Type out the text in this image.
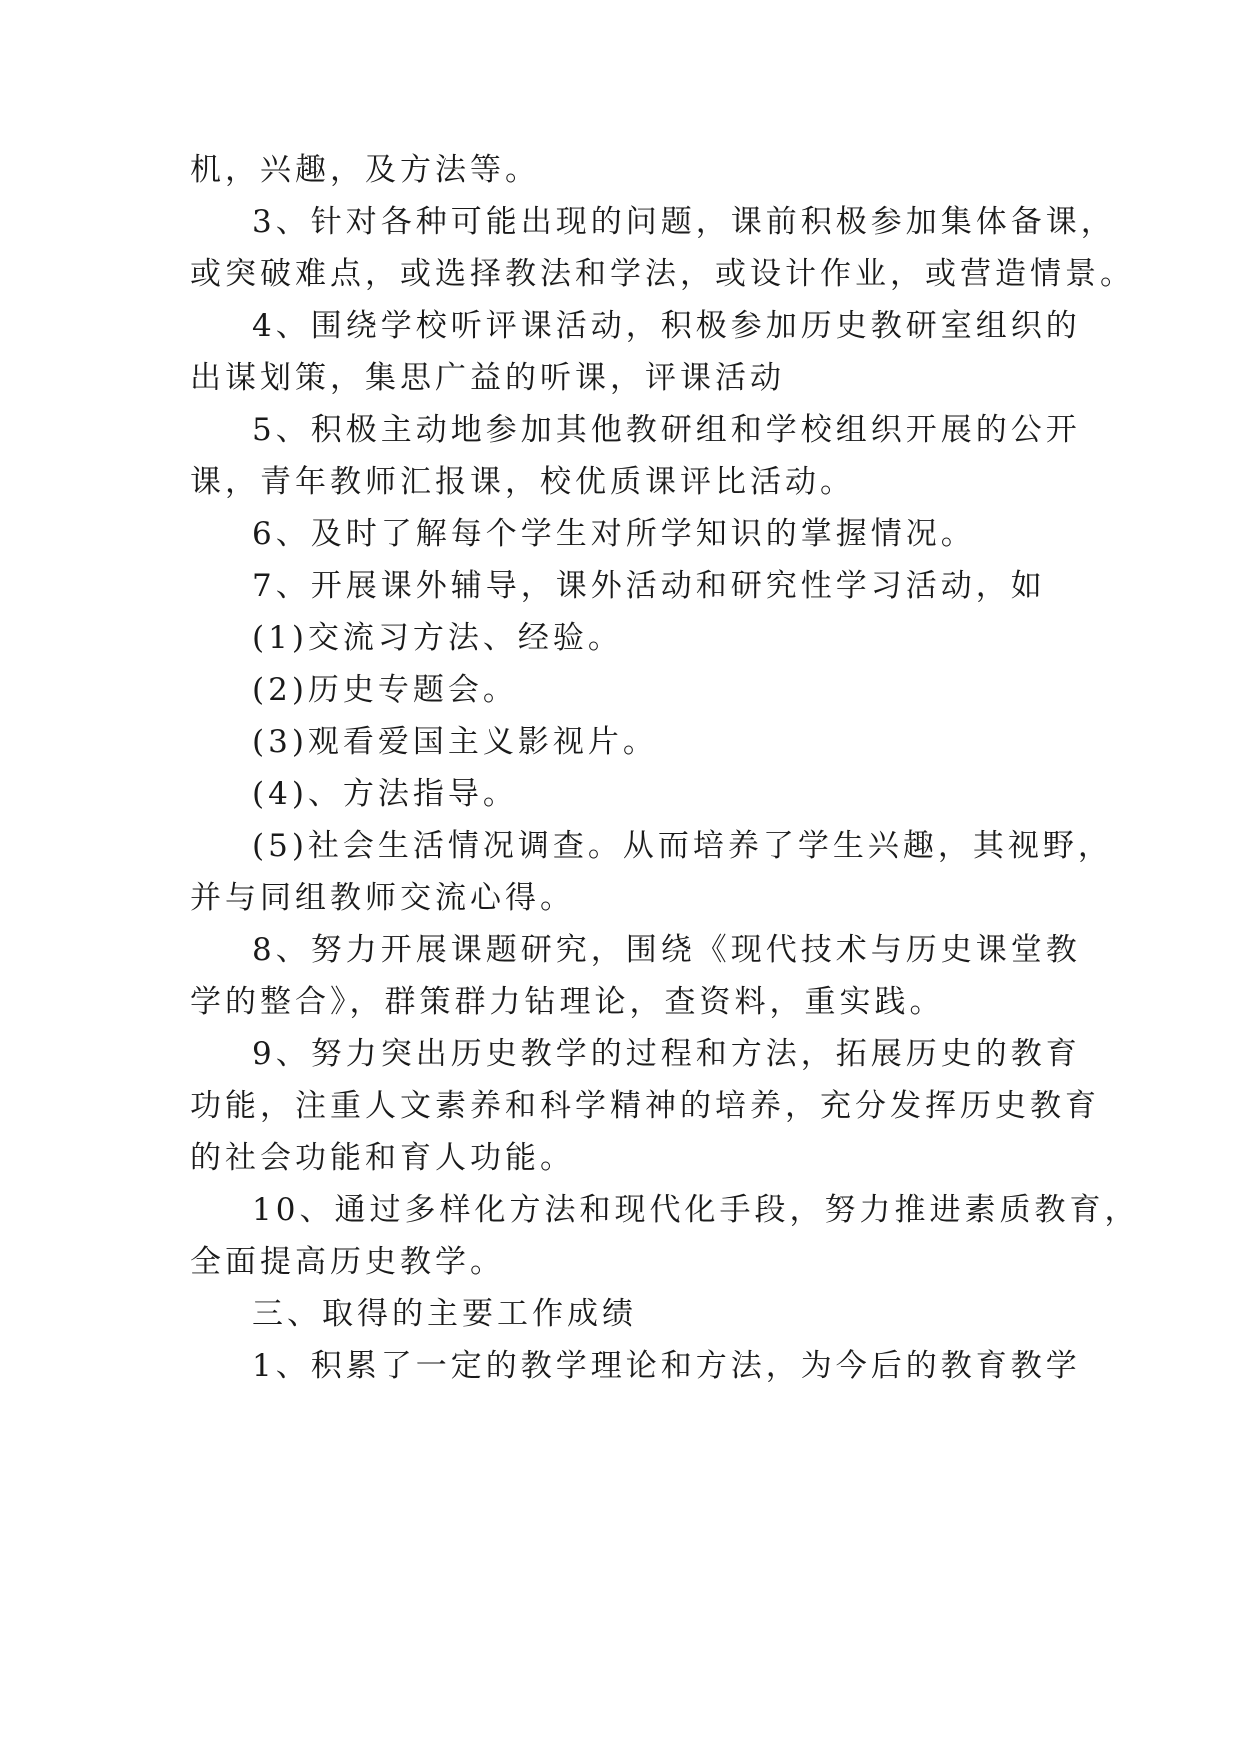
机，兴趣，及方法等。
3、针对各种可能出现的问题，课前积极参加集体备课，
或突破难点，或选择教法和学法，或设计作业，或营造情景。
4、围绕学校听评课活动，积极参加历史教研室组织的
出谋划策，集思广益的听课，评课活动
5、积极主动地参加其他教研组和学校组织开展的公开
课，青年教师汇报课，校优质课评比活动。
6、及时了解每个学生对所学知识的掌握情况。
7、开展课外辅导，课外活动和研究性学习活动，如
(1)交流习方法、经验。
(2)历史专题会。
(3)观看爱国主义影视片。
(4)、方法指导。
(5)社会生活情况调查。从而培养了学生兴趣，其视野，
并与同组教师交流心得。
8、努力开展课题研究，围绕《现代技术与历史课堂教
学的整合》，群策群力钻理论，查资料，重实践。
9、努力突出历史教学的过程和方法，拓展历史的教育
功能，注重人文素养和科学精神的培养，充分发挥历史教育
的社会功能和育人功能。
10、通过多样化方法和现代化手段，努力推进素质教育，
全面提高历史教学。
三、取得的主要工作成绩
1、积累了一定的教学理论和方法，为今后的教育教学
